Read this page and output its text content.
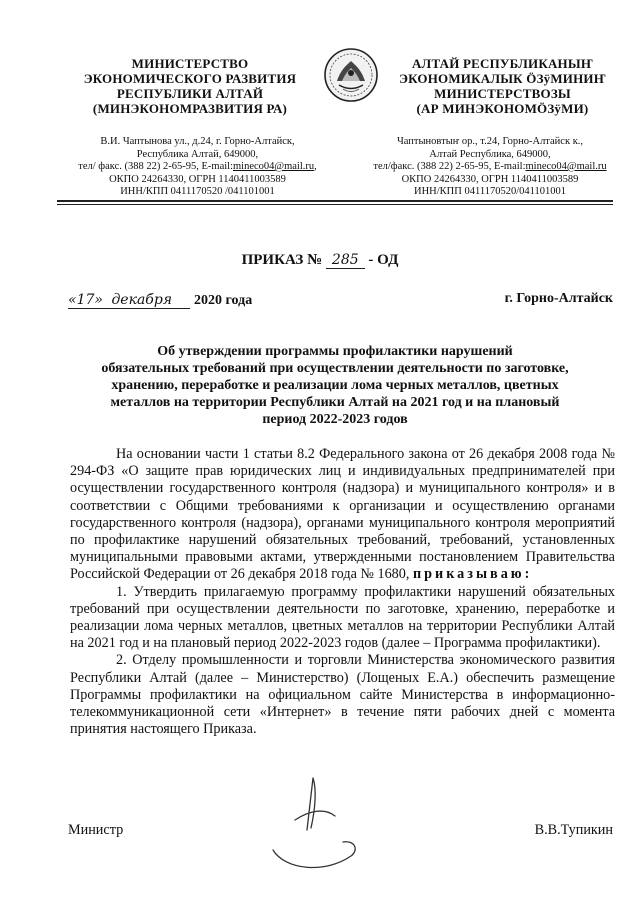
МИНИСТЕРСТВО
ЭКОНОМИЧЕСКОГО РАЗВИТИЯ
РЕСПУБЛИКИ АЛТАЙ
(МИНЭКОНОМРАЗВИТИЯ РА)
АЛТАЙ РЕСПУБЛИКАНЫҤ
ЭКОНОМИКАЛЫК ÖЗÿМИНИҤ
МИНИСТЕРСТВОЗЫ
(АР МИНЭКОНОМÖЗÿМИ)
В.И. Чаптынова ул., д.24, г. Горно-Алтайск,
Республика Алтай, 649000,
тел/ факс. (388 22) 2-65-95, E-mail:mineco04@mail.ru,
ОКПО 24264330, ОГРН 1140411003589
ИНН/КПП 0411170520 /041101001
Чаптыновтыҥ ор., т.24, Горно-Алтайск к.,
Алтай Республика, 649000,
тел/факс. (388 22) 2-65-95, E-mail:mineco04@mail.ru
ОКПО 24264330, ОГРН 1140411003589
ИНН/КПП 0411170520/041101001
ПРИКАЗ № 285 - ОД
«17» декабря 2020 года	г. Горно-Алтайск
Об утверждении программы профилактики нарушений
обязательных требований при осуществлении деятельности по заготовке,
хранению, переработке и реализации лома черных металлов, цветных
металлов на территории Республики Алтай на 2021 год и на плановый
период 2022-2023 годов

На основании части 1 статьи 8.2 Федерального закона от 26 декабря 2008 года № 294-ФЗ «О защите прав юридических лиц и индивидуальных предпринимателей при осуществлении государственного контроля (надзора) и муниципального контроля» и в соответствии с Общими требованиями к организации и осуществлению органами государственного контроля (надзора), органами муниципального контроля мероприятий по профилактике нарушений обязательных требований, требований, установленных муниципальными правовыми актами, утвержденными постановлением Правительства Российской Федерации от 26 декабря 2018 года № 1680, приказываю:

1. Утвердить прилагаемую программу профилактики нарушений обязательных требований при осуществлении деятельности по заготовке, хранению, переработке и реализации лома черных металлов, цветных металлов на территории Республики Алтай на 2021 год и на плановый период 2022-2023 годов (далее – Программа профилактики).

2. Отделу промышленности и торговли Министерства экономического развития Республики Алтай (далее – Министерство) (Лощеных Е.А.) обеспечить размещение Программы профилактики на официальном сайте Министерства в информационно-телекоммуникационной сети «Интернет» в течение пяти рабочих дней с момента принятия настоящего Приказа.

Министр	В.В.Тупикин
